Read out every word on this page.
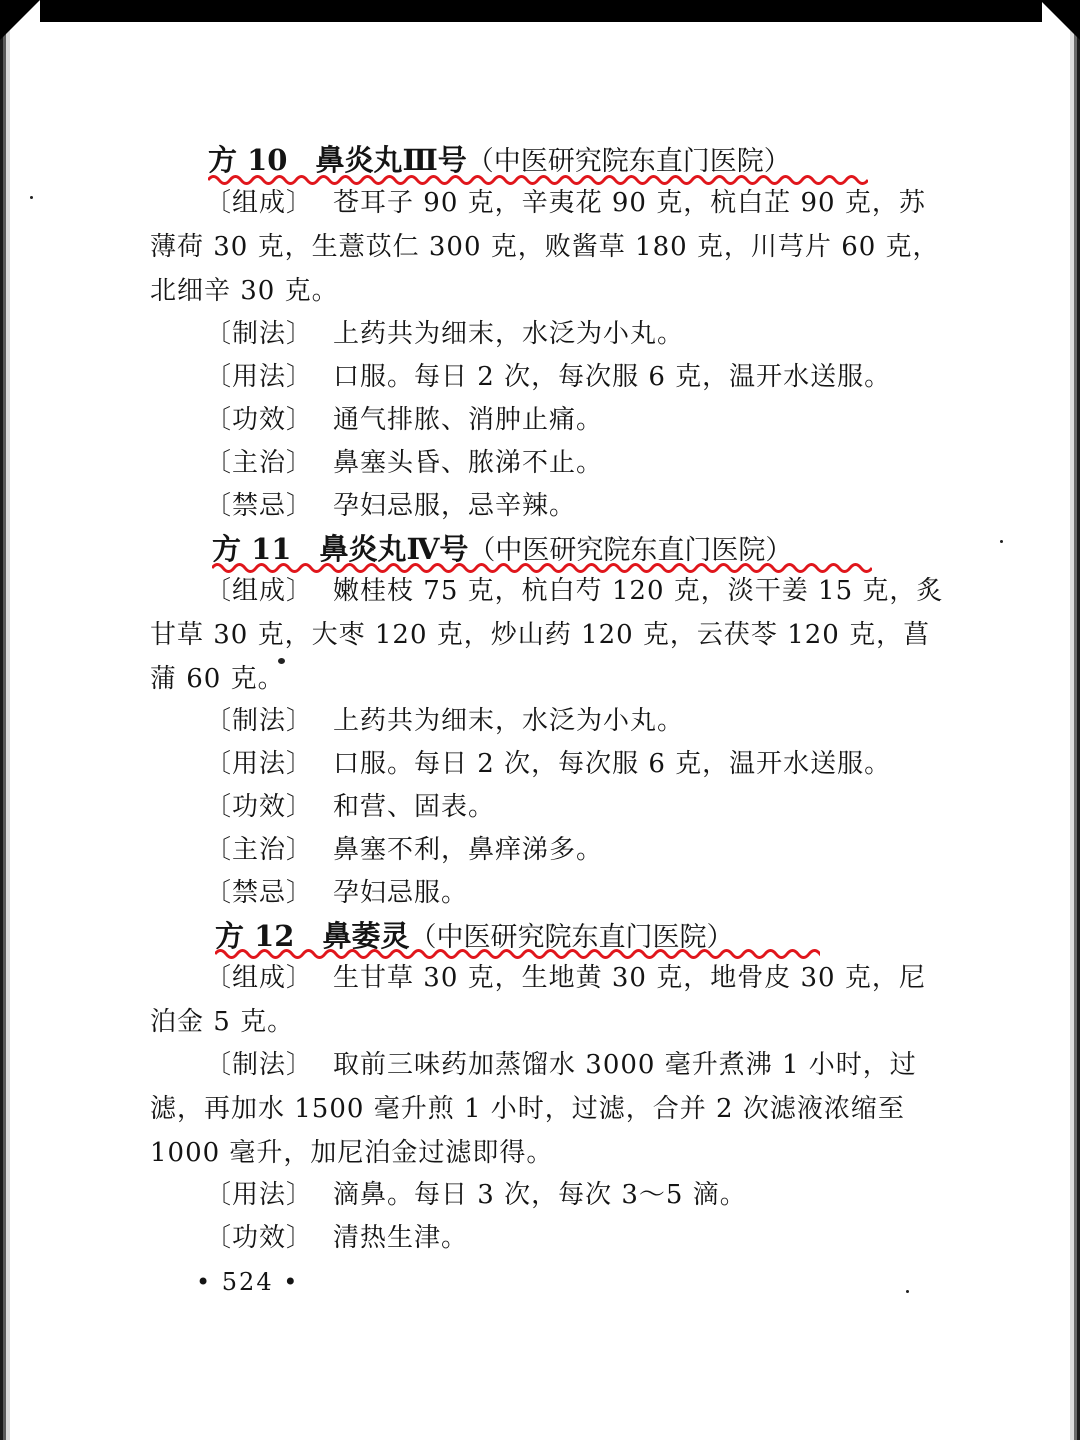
方 10 鼻炎丸Ⅲ号（中医研究院东直门医院）
〔组成〕 苍耳子 90 克，辛夷花 90 克，杭白芷 90 克，苏
薄荷 30 克，生薏苡仁 300 克，败酱草 180 克，川芎片 60 克，
北细辛 30 克。
〔制法〕 上药共为细末，水泛为小丸。
〔用法〕 口服。每日 2 次，每次服 6 克，温开水送服。
〔功效〕 通气排脓、消肿止痛。
〔主治〕 鼻塞头昏、脓涕不止。
〔禁忌〕 孕妇忌服，忌辛辣。
方 11 鼻炎丸Ⅳ号（中医研究院东直门医院）
〔组成〕 嫩桂枝 75 克，杭白芍 120 克，淡干姜 15 克，炙
甘草 30 克，大枣 120 克，炒山药 120 克，云茯苓 120 克，菖
蒲 60 克。
〔制法〕 上药共为细末，水泛为小丸。
〔用法〕 口服。每日 2 次，每次服 6 克，温开水送服。
〔功效〕 和营、固表。
〔主治〕 鼻塞不利，鼻痒涕多。
〔禁忌〕 孕妇忌服。
方 12 鼻萎灵（中医研究院东直门医院）
〔组成〕 生甘草 30 克，生地黄 30 克，地骨皮 30 克，尼
泊金 5 克。
〔制法〕 取前三味药加蒸馏水 3000 毫升煮沸 1 小时，过
滤，再加水 1500 毫升煎 1 小时，过滤，合并 2 次滤液浓缩至
1000 毫升，加尼泊金过滤即得。
〔用法〕 滴鼻。每日 3 次，每次 3～5 滴。
〔功效〕 清热生津。
• 524 •
